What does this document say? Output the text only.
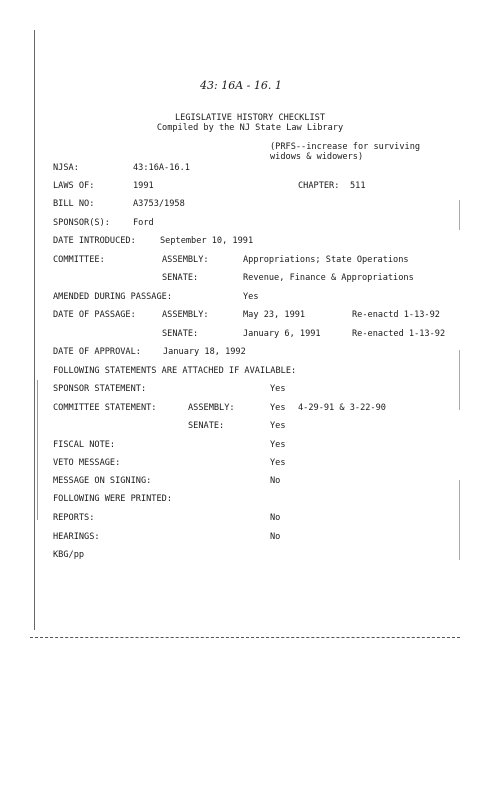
43: 16A - 16. 1
LEGISLATIVE HISTORY CHECKLIST
Compiled by the NJ State Law Library
(PRFS--increase for surviving
widows & widowers)
NJSA:	43:16A-16.1
LAWS OF:	1991	CHAPTER: 511
BILL NO:	A3753/1958
SPONSOR(S):	Ford
DATE INTRODUCED:	September 10, 1991
COMMITTEE:	ASSEMBLY:	Appropriations; State Operations
SENATE:	Revenue, Finance & Appropriations
AMENDED DURING PASSAGE:	Yes
DATE OF PASSAGE:	ASSEMBLY:	May 23, 1991	Re-enactd 1-13-92
SENATE:	January 6, 1991	Re-enacted 1-13-92
DATE OF APPROVAL:	January 18, 1992
FOLLOWING STATEMENTS ARE ATTACHED IF AVAILABLE:
SPONSOR STATEMENT:	Yes
COMMITTEE STATEMENT:	ASSEMBLY:	Yes 4-29-91 & 3-22-90
SENATE:	Yes
FISCAL NOTE:	Yes
VETO MESSAGE:	Yes
MESSAGE ON SIGNING:	No
FOLLOWING WERE PRINTED:
REPORTS:	No
HEARINGS:	No
KBG/pp
